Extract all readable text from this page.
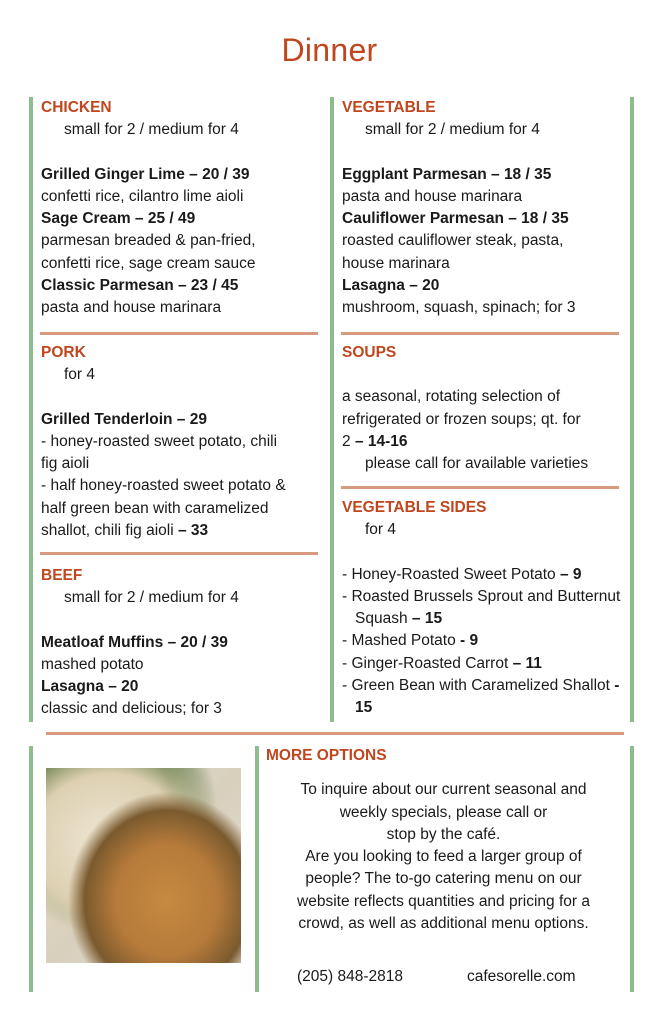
Dinner
CHICKEN
small for 2 / medium for 4
Grilled Ginger Lime – 20 / 39
confetti rice, cilantro lime aioli
Sage Cream – 25 / 49
parmesan breaded & pan-fried,
confetti rice, sage cream sauce
Classic Parmesan – 23 / 45
pasta and house marinara
PORK
for 4
Grilled Tenderloin – 29
- honey-roasted sweet potato, chili
fig aioli
- half honey-roasted sweet potato &
half green bean with caramelized
shallot, chili fig aioli – 33
BEEF
small for 2 / medium for 4
Meatloaf Muffins – 20 / 39
mashed potato
Lasagna – 20
classic and delicious; for 3
VEGETABLE
small for 2 / medium for 4
Eggplant Parmesan – 18 / 35
pasta and house marinara
Cauliflower Parmesan – 18 / 35
roasted cauliflower steak, pasta,
house marinara
Lasagna – 20
mushroom, squash, spinach; for 3
SOUPS
a seasonal, rotating selection of
refrigerated or frozen soups; qt. for
2 – 14-16
please call for available varieties
VEGETABLE SIDES
for 4
- Honey-Roasted Sweet Potato – 9
- Roasted Brussels Sprout and Butternut Squash – 15
- Mashed Potato - 9
- Ginger-Roasted Carrot – 11
- Green Bean with Caramelized Shallot - 15
MORE OPTIONS
To inquire about our current seasonal and
weekly specials, please call or
stop by the café.
Are you looking to feed a larger group of
people? The to-go catering menu on our
website reflects quantities and pricing for a
crowd, as well as additional menu options.
(205) 848-2818	cafesorelle.com
